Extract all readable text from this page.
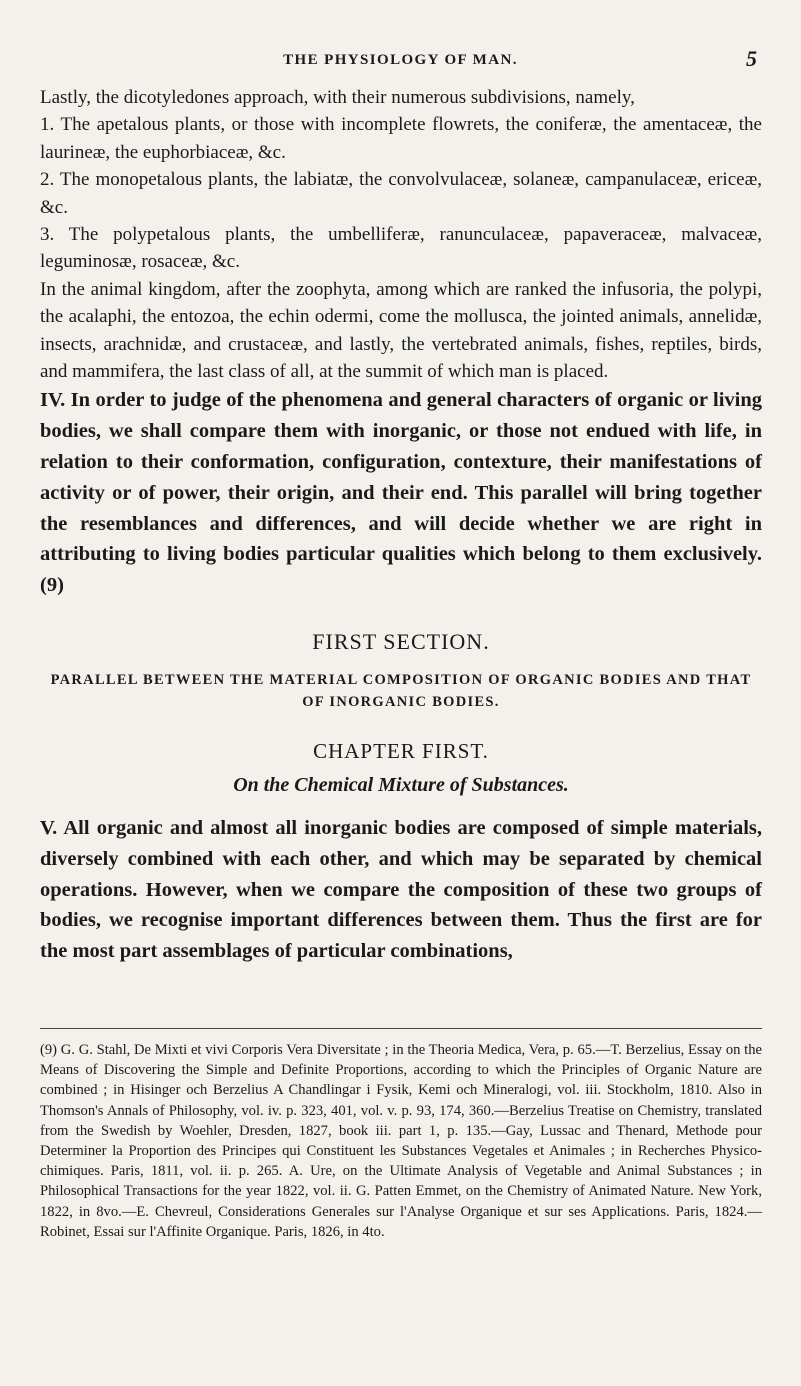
THE PHYSIOLOGY OF MAN.	5

Lastly, the dicotyledones approach, with their numerous subdivisions, namely,

1. The apetalous plants, or those with incomplete flowrets, the coniferæ, the amentaceæ, the laurineæ, the euphorbiaceæ, &c.

2. The monopetalous plants, the labiatæ, the convolvulaceæ, solaneæ, campanulaceæ, ericeæ, &c.

3. The polypetalous plants, the umbelliferæ, ranunculaceæ, papaveraceæ, malvaceæ, leguminosæ, rosaceæ, &c.

In the animal kingdom, after the zoophyta, among which are ranked the infusoria, the polypi, the acalaphi, the entozoa, the echin odermi, come the mollusca, the jointed animals, annelidæ, insects, arachnidæ, and crustaceæ, and lastly, the vertebrated animals, fishes, reptiles, birds, and mammifera, the last class of all, at the summit of which man is placed.

IV. In order to judge of the phenomena and general characters of organic or living bodies, we shall compare them with inorganic, or those not endued with life, in relation to their conformation, configuration, contexture, their manifestations of activity or of power, their origin, and their end. This parallel will bring together the resemblances and differences, and will decide whether we are right in attributing to living bodies particular qualities which belong to them exclusively. (9)

FIRST SECTION.
PARALLEL BETWEEN THE MATERIAL COMPOSITION OF ORGANIC BODIES AND THAT OF INORGANIC BODIES.
CHAPTER FIRST.
On the Chemical Mixture of Substances.

V. All organic and almost all inorganic bodies are composed of simple materials, diversely combined with each other, and which may be separated by chemical operations. However, when we compare the composition of these two groups of bodies, we recognise important differences between them. Thus the first are for the most part assemblages of particular combinations,

(9) G. G. Stahl, De Mixti et vivi Corporis Vera Diversitate ; in the Theoria Medica, Vera, p. 65.—T. Berzelius, Essay on the Means of Discovering the Simple and Definite Proportions, according to which the Principles of Organic Nature are combined ; in Hisinger och Berzelius A Chandlingar i Fysik, Kemi och Mineralogi, vol. iii. Stockholm, 1810. Also in Thomson's Annals of Philosophy, vol. iv. p. 323, 401, vol. v. p. 93, 174, 360.—Berzelius Treatise on Chemistry, translated from the Swedish by Woehler, Dresden, 1827, book iii. part 1, p. 135.—Gay, Lussac and Thenard, Methode pour Determiner la Proportion des Principes qui Constituent les Substances Vegetales et Animales ; in Recherches Physico-chimiques. Paris, 1811, vol. ii. p. 265. A. Ure, on the Ultimate Analysis of Vegetable and Animal Substances ; in Philosophical Transactions for the year 1822, vol. ii. G. Patten Emmet, on the Chemistry of Animated Nature. New York, 1822, in 8vo.—E. Chevreul, Considerations Generales sur l'Analyse Organique et sur ses Applications. Paris, 1824.—Robinet, Essai sur l'Affinite Organique. Paris, 1826, in 4to.
